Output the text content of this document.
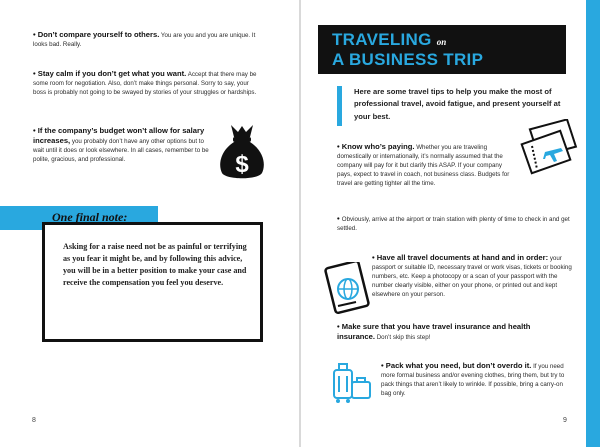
• Don’t compare yourself to others. You are you and you are unique. It looks bad. Really.
• Stay calm if you don’t get what you want. Accept that there may be some room for negotiation. Also, don’t make things personal. Sorry to say, your boss is probably not going to be swayed by stories of your struggles or hardships.
• If the company’s budget won’t allow for salary increases, you probably don’t have any other options but to wait until it does or look elsewhere. In all cases, remember to be polite, gracious, and professional.	$
Asking for a raise need not be as painful or terrifying as you fear it might be, and by following this advice, you will be in a better position to make your case and receive the compensation you feel you deserve.
One final note:
8
TRAVELING on
A BUSINESS TRIP
Here are some travel tips to help you make the most of professional travel, avoid fatigue, and present yourself at your best.
• Know who’s paying. Whether you are traveling domestically or internationally, it’s normally assumed that the company will pay for it but clarify this ASAP. If your company pays, expect to travel in coach, not business class. Budgets for travel are getting tighter all the time.
• Obviously, arrive at the airport or train station with plenty of time to check in and get settled.
• Have all travel documents at hand and in order: your passport or suitable ID, necessary travel or work visas, tickets or booking numbers, etc. Keep a photocopy or a scan of your passport with the number clearly visible, either on your phone, or printed out and kept elsewhere on your person.
• Make sure that you have travel insurance and health insurance. Don’t skip this step!
• Pack what you need, but don’t overdo it. If you need more formal business and/or evening clothes, bring them, but try to pack things that aren’t likely to wrinkle. If possible, bring a carry-on bag only.
9
